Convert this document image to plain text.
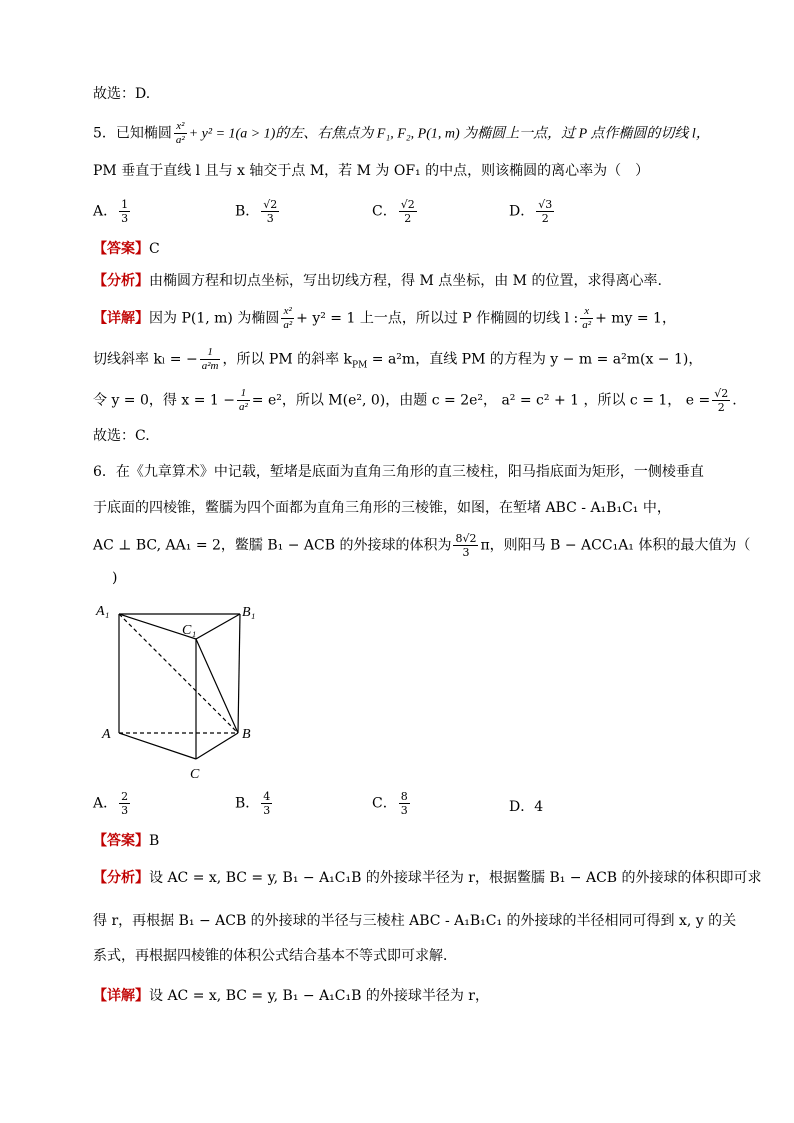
故选：D.
5．已知椭圆 $\frac{\text{x²}}{\text{a²}} + y^2 = 1(a > 1)$的左、右焦点为 F₁, F₂, P(1, m) 为椭圆上一点，过 P 点作椭圆的切线 l，
PM 垂直于直线 l 且与 x 轴交于点 M，若 M 为 OF₁ 的中点，则该椭圆的离心率为（　）
A． $\frac{1}{3}$	B． $\frac{√2}{3}$	C． $\frac{√2}{2}$	D． $\frac{√3}{2}$
【答案】C
【分析】由椭圆方程和切点坐标，写出切线方程，得 M 点坐标，由 M 的位置，求得离心率.
【详解】因为 P(1, m) 为椭圆 $\frac{\text{x²}}{\text{a²}} + y^2 = 1$ 上一点，所以过 P 作椭圆的切线 l : $\frac{x}{\text{a²}}$ + my = 1，
切线斜率 kₗ = − $\frac{1}{\text{a²m}}$ ，所以 PM 的斜率 $k_{PM} = a^2m$，直线 PM 的方程为 y − m = a²m(x − 1)，
令 y = 0，得 $x = 1 - \frac{1}{\text{a²}} = e^2$，所以 M(e², 0)，由题 c = 2e²， a² = c² + 1 ，所以 c = 1， $e = \frac{√2}{2}$ .
故选：C.
6．在《九章算术》中记载，堑堵是底面为直角三角形的直三棱柱，阳马指底面为矩形，一侧棱垂直
于底面的四棱锥，鳖臑为四个面都为直角三角形的三棱锥，如图，在堑堵 ABC - A₁B₁C₁ 中，
AC ⊥ BC, AA₁ = 2，鳖臑 B₁ − ACB 的外接球的体积为 $\frac{8√2}{3}$ π，则阳马 B − ACC₁A₁ 体积的最大值为（
)
A₁	B₁
C₁
A	B
C
A． $\frac{2}{3}$	B． $\frac{4}{3}$	C． $\frac{8}{3}$	D．4
【答案】B
【分析】设 AC = x, BC = y, B₁ − A₁C₁B 的外接球半径为 r，根据鳖臑 B₁ − ACB 的外接球的体积即可求
得 r，再根据 B₁ − ACB 的外接球的半径与三棱柱 ABC - A₁B₁C₁ 的外接球的半径相同可得到 x, y 的关
系式，再根据四棱锥的体积公式结合基本不等式即可求解．
【详解】设 AC = x, BC = y, B₁ − A₁C₁B 的外接球半径为 r，
